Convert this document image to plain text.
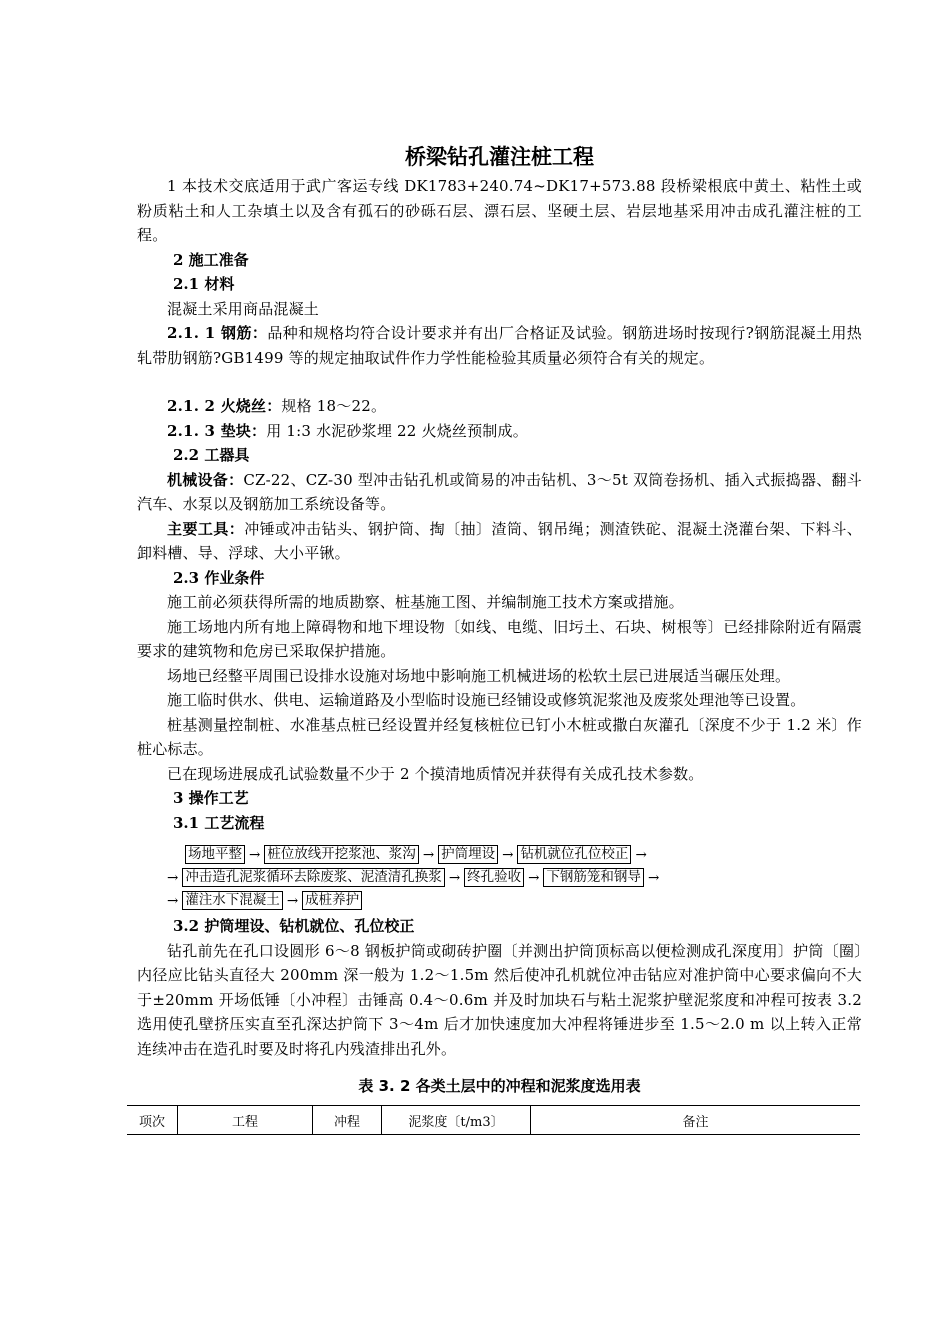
桥梁钻孔灌注桩工程

1 本技术交底适用于武广客运专线 DK1783+240.74~DK17+573.88 段桥梁根底中黄土、粘性土或粉质粘土和人工杂填土以及含有孤石的砂砾石层、漂石层、坚硬土层、岩层地基采用冲击成孔灌注桩的工程。

2 施工准备

2.1 材料

混凝土采用商品混凝土

2.1. 1 钢筋：品种和规格均符合设计要求并有出厂合格证及试验。钢筋进场时按现行?钢筋混凝土用热轧带肋钢筋?GB1499 等的规定抽取试件作力学性能检验其质量必须符合有关的规定。

2.1. 2 火烧丝：规格 18～22。

2.1. 3 垫块：用 1:3 水泥砂浆埋 22 火烧丝预制成。

2.2 工器具

机械设备：CZ-22、CZ-30 型冲击钻孔机或简易的冲击钻机、3～5t 双筒卷扬机、插入式振捣器、翻斗汽车、水泵以及钢筋加工系统设备等。

主要工具：冲锤或冲击钻头、钢护筒、掏〔抽〕渣筒、钢吊绳；测渣铁砣、混凝土浇灌台架、下料斗、卸料槽、导、浮球、大小平锹。

2.3 作业条件

施工前必须获得所需的地质勘察、桩基施工图、并编制施工技术方案或措施。

施工场地内所有地上障碍物和地下埋设物〔如线、电缆、旧圬土、石块、树根等〕已经排除附近有隔震要求的建筑物和危房已采取保护措施。

场地已经整平周围已设排水设施对场地中影响施工机械进场的松软土层已进展适当碾压处理。

施工临时供水、供电、运输道路及小型临时设施已经铺设或修筑泥浆池及废浆处理池等已设置。

桩基测量控制桩、水准基点桩已经设置并经复核桩位已钉小木桩或撒白灰灌孔〔深度不少于 1.2 米〕作桩心标志。

已在现场进展成孔试验数量不少于 2 个摸清地质情况并获得有关成孔技术参数。

3 操作工艺

3.1 工艺流程

场地平整 → 桩位放线开挖浆池、浆沟 → 护筒埋设 → 钻机就位孔位校正 →
→ 冲击造孔泥浆循环去除废浆、泥渣清孔换浆 → 终孔验收 → 下钢筋笼和钢导 →
→ 灌注水下混凝土 → 成桩养护

3.2 护筒埋设、钻机就位、孔位校正

钻孔前先在孔口设圆形 6～8 钢板护筒或砌砖护圈〔并测出护筒顶标高以便检测成孔深度用〕护筒〔圈〕内径应比钻头直径大 200mm 深一般为 1.2～1.5m 然后使冲孔机就位冲击钻应对准护筒中心要求偏向不大于±20mm 开场低锤〔小冲程〕击锤高 0.4～0.6m 并及时加块石与粘土泥浆护壁泥浆度和冲程可按表 3.2 选用使孔壁挤压实直至孔深达护筒下 3～4m 后才加快速度加大冲程将锤进步至 1.5～2.0 m 以上转入正常连续冲击在造孔时要及时将孔内残渣排出孔外。

表 3. 2 各类土层中的冲程和泥浆度选用表
项次	工程	冲程	泥浆度〔t/m3〕	备注
